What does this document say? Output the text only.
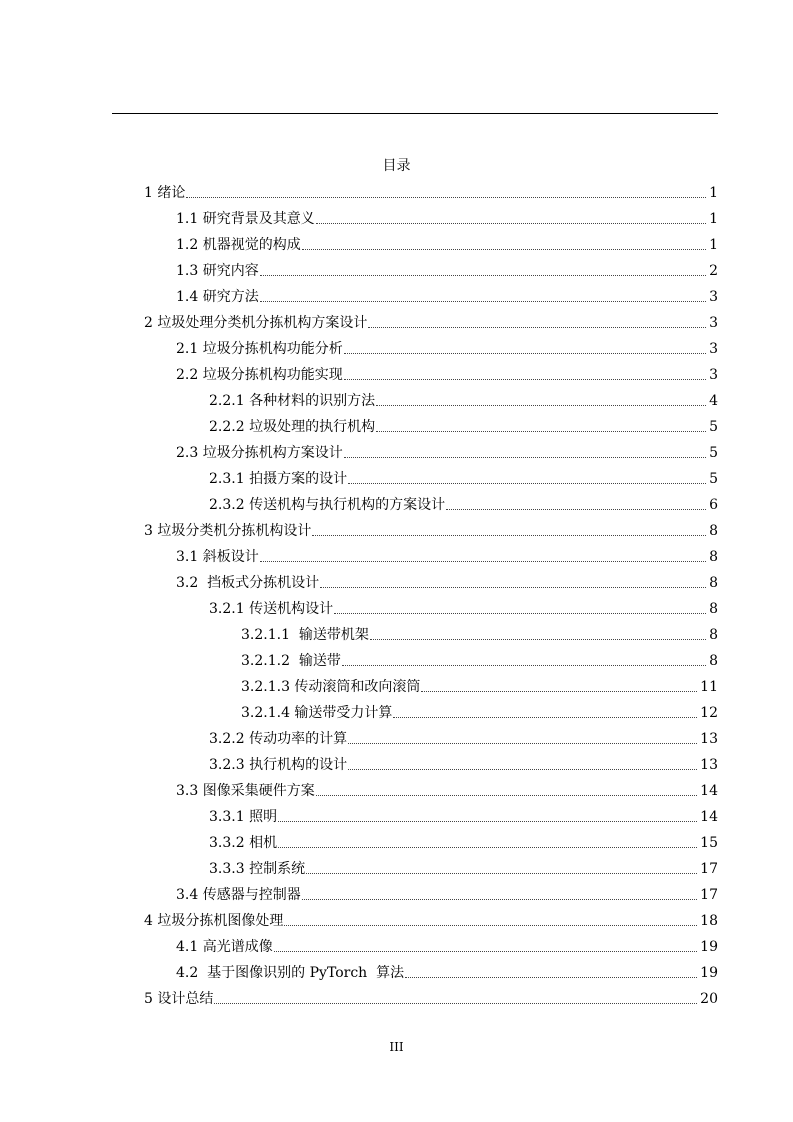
目录
1 绪论	1
1.1 研究背景及其意义	1
1.2 机器视觉的构成	1
1.3 研究内容	2
1.4 研究方法	3
2 垃圾处理分类机分拣机构方案设计	3
2.1 垃圾分拣机构功能分析	3
2.2 垃圾分拣机构功能实现	3
2.2.1 各种材料的识别方法	4
2.2.2 垃圾处理的执行机构	5
2.3 垃圾分拣机构方案设计	5
2.3.1 拍摄方案的设计	5
2.3.2 传送机构与执行机构的方案设计	6
3 垃圾分类机分拣机构设计	8
3.1 斜板设计	8
3.2  挡板式分拣机设计	8
3.2.1 传送机构设计	8
3.2.1.1  输送带机架	8
3.2.1.2  输送带	8
3.2.1.3 传动滚筒和改向滚筒	11
3.2.1.4 输送带受力计算	12
3.2.2 传动功率的计算	13
3.2.3 执行机构的设计	13
3.3 图像采集硬件方案	14
3.3.1 照明	14
3.3.2 相机	15
3.3.3 控制系统	17
3.4 传感器与控制器	17
4 垃圾分拣机图像处理	18
4.1 高光谱成像	19
4.2  基于图像识别的 PyTorch  算法	19
5 设计总结	20
III
